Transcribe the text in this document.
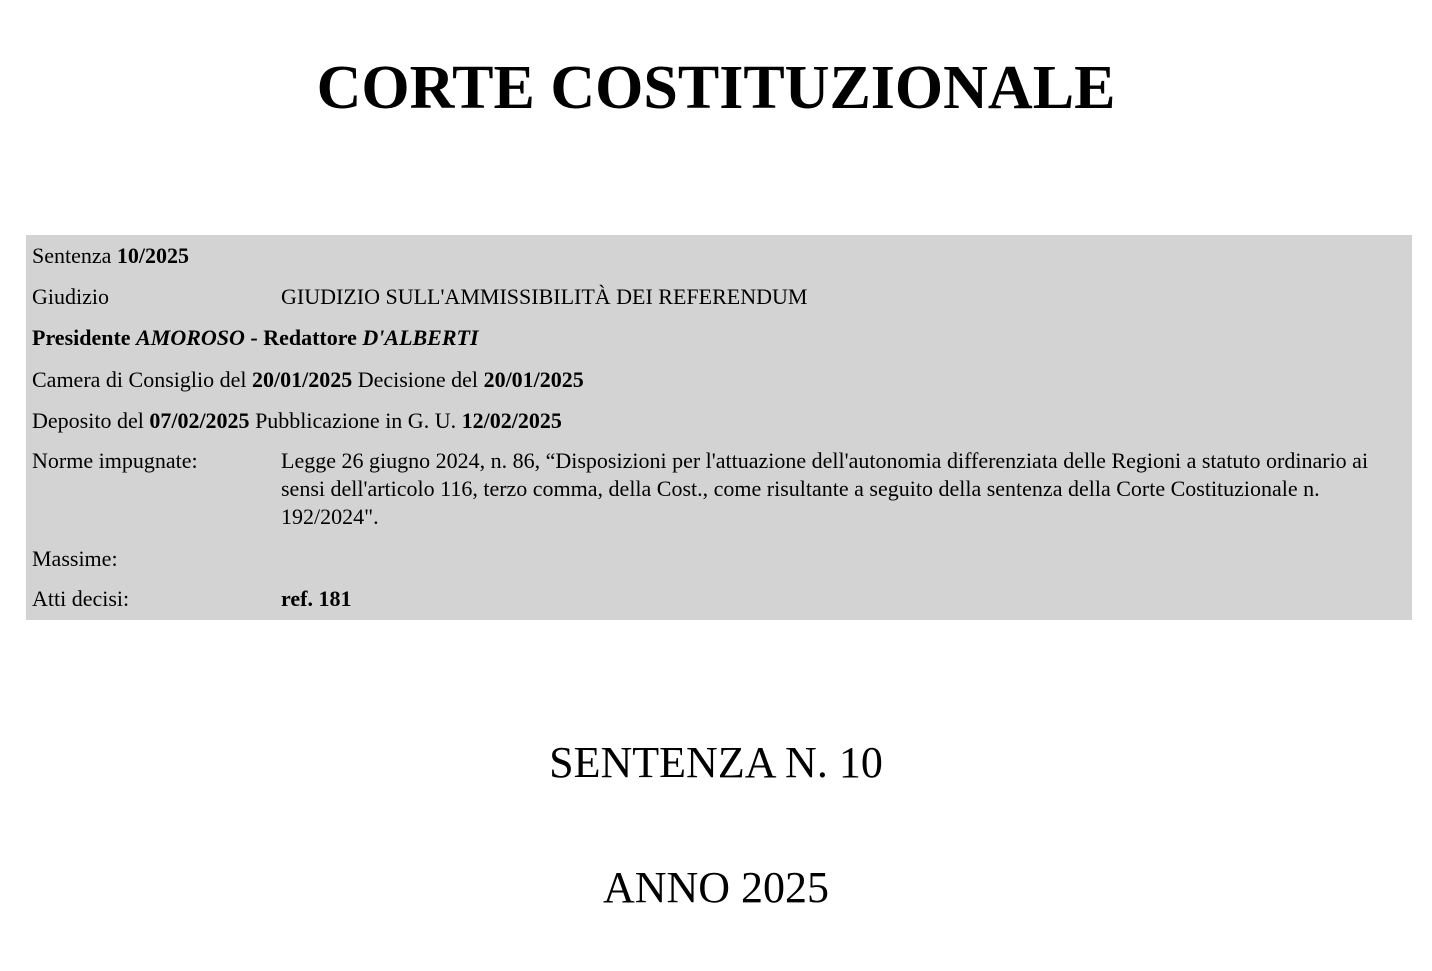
CORTE COSTITUZIONALE
Sentenza 10/2025
Giudizio	GIUDIZIO SULL'AMMISSIBILITÀ DEI REFERENDUM
Presidente AMOROSO - Redattore D'ALBERTI
Camera di Consiglio del 20/01/2025 Decisione del 20/01/2025
Deposito del 07/02/2025 Pubblicazione in G. U. 12/02/2025
Norme impugnate:	Legge 26 giugno 2024, n. 86, “Disposizioni per l'attuazione dell'autonomia differenziata delle Regioni a statuto ordinario ai sensi dell'articolo 116, terzo comma, della Cost., come risultante a seguito della sentenza della Corte Costituzionale n. 192/2024".
Massime:
Atti decisi:	ref. 181
SENTENZA N. 10
ANNO 2025
